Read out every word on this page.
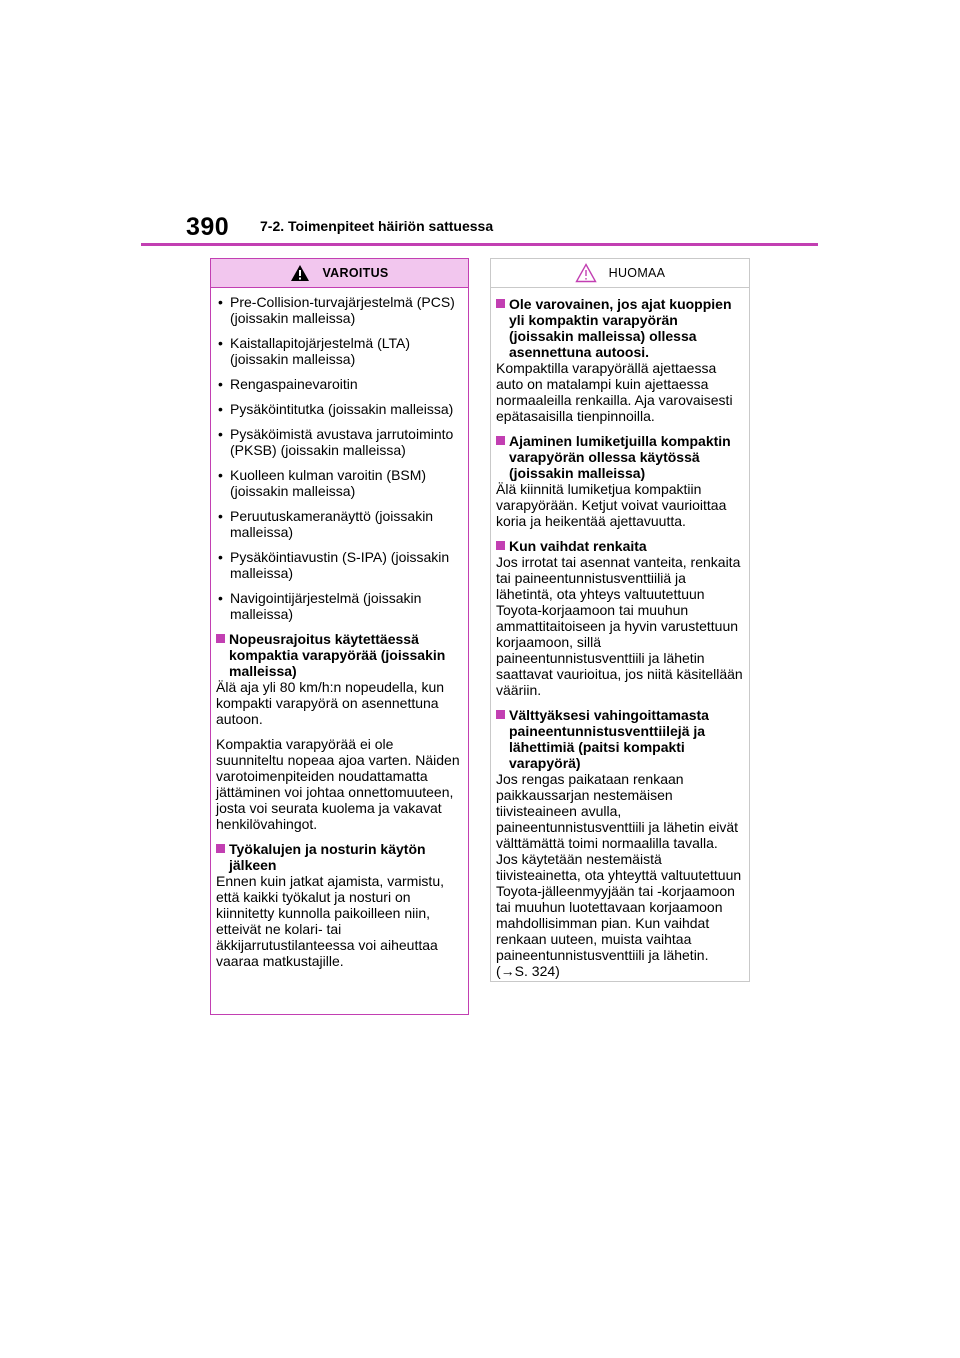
390 7-2. Toimenpiteet häiriön sattuessa
VAROITUS
• Pre-Collision-turvajärjestelmä (PCS) (joissakin malleissa)
• Kaistallapitojärjestelmä (LTA) (joissakin malleissa)
• Rengaspainevaroitin
• Pysäköintitutka (joissakin malleissa)
• Pysäköimistä avustava jarrutoiminto (PKSB) (joissakin malleissa)
• Kuolleen kulman varoitin (BSM) (joissakin malleissa)
• Peruutuskameranäyttö (joissakin malleissa)
• Pysäköintiavustin (S-IPA) (joissakin malleissa)
• Navigointijärjestelmä (joissakin malleissa)
Nopeusrajoitus käytettäessä kompaktia varapyörää (joissakin malleissa)
Älä aja yli 80 km/h:n nopeudella, kun kompakti varapyörä on asennettuna autoon.
Kompaktia varapyörää ei ole suunniteltu nopeaa ajoa varten. Näiden varotoimenpiteiden noudattamatta jättäminen voi johtaa onnettomuuteen, josta voi seurata kuolema ja vakavat henkilövahingot.
Työkalujen ja nosturin käytön jälkeen
Ennen kuin jatkat ajamista, varmistu, että kaikki työkalut ja nosturi on kiinnitetty kunnolla paikoilleen niin, etteivät ne kolari- tai äkkijarrutustilanteessa voi aiheuttaa vaaraa matkustajille.
HUOMAA
Ole varovainen, jos ajat kuoppien yli kompaktin varapyörän (joissakin malleissa) ollessa asennettuna autoosi.
Kompaktilla varapyörällä ajettaessa auto on matalampi kuin ajettaessa normaaleilla renkailla. Aja varovaisesti epätasaisilla tienpinnoilla.
Ajaminen lumiketjuilla kompaktin varapyörän ollessa käytössä (joissakin malleissa)
Älä kiinnitä lumiketjua kompaktiin varapyörään. Ketjut voivat vaurioittaa koria ja heikentää ajettavuutta.
Kun vaihdat renkaita
Jos irrotat tai asennat vanteita, renkaita tai paineentunnistusventtiiliä ja lähetintä, ota yhteys valtuutettuun Toyota-korjaamoon tai muuhun ammattitaitoiseen ja hyvin varustettuun korjaamoon, sillä paineentunnistusventtiili ja lähetin saattavat vaurioitua, jos niitä käsitellään vääriin.
Välttyäksesi vahingoittamasta paineentunnistusventtiilejä ja lähettimiä (paitsi kompakti varapyörä)
Jos rengas paikataan renkaan paikkaussarjan nestemäisen tiivisteaineen avulla, paineentunnistusventtiili ja lähetin eivät välttämättä toimi normaalilla tavalla. Jos käytetään nestemäistä tiivisteainetta, ota yhteyttä valtuutettuun Toyota-jälleenmyyjään tai -korjaamoon tai muuhun luotettavaan korjaamoon mahdollisimman pian. Kun vaihdat renkaan uuteen, muista vaihtaa paineentunnistusventtiili ja lähetin. (→S. 324)
